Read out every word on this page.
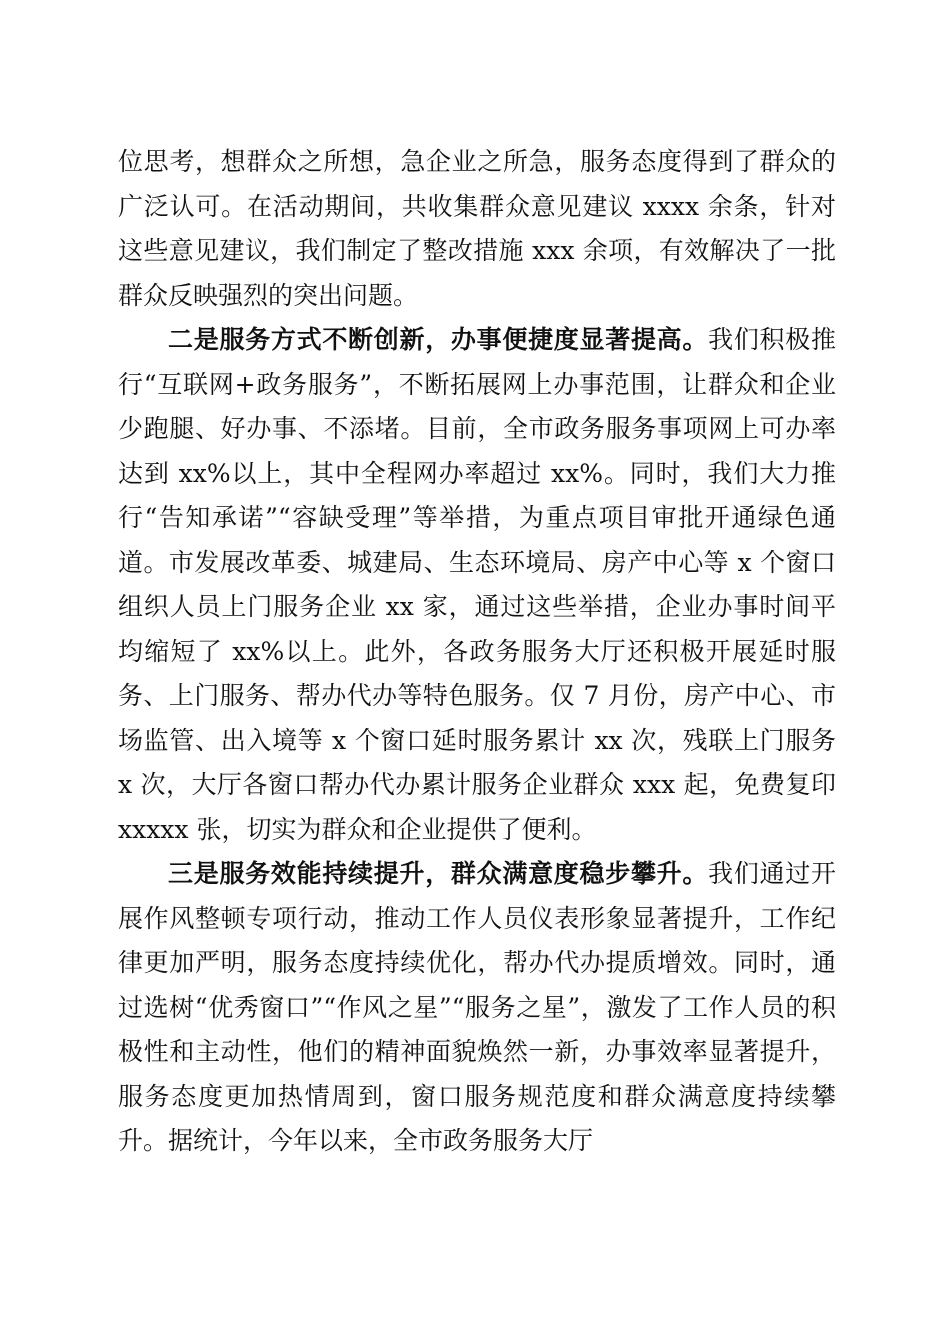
位思考，想群众之所想，急企业之所急，服务态度得到了群众的广泛认可。在活动期间，共收集群众意见建议 xxxx 余条，针对这些意见建议，我们制定了整改措施 xxx 余项，有效解决了一批群众反映强烈的突出问题。

二是服务方式不断创新，办事便捷度显著提高。我们积极推行“互联网+政务服务”，不断拓展网上办事范围，让群众和企业少跑腿、好办事、不添堵。目前，全市政务服务事项网上可办率达到 xx%以上，其中全程网办率超过 xx%。同时，我们大力推行“告知承诺”“容缺受理”等举措，为重点项目审批开通绿色通道。市发展改革委、城建局、生态环境局、房产中心等 x 个窗口组织人员上门服务企业 xx 家，通过这些举措，企业办事时间平均缩短了 xx%以上。此外，各政务服务大厅还积极开展延时服务、上门服务、帮办代办等特色服务。仅 7 月份，房产中心、市场监管、出入境等 x 个窗口延时服务累计 xx 次，残联上门服务 x 次，大厅各窗口帮办代办累计服务企业群众 xxx 起，免费复印 xxxxx 张，切实为群众和企业提供了便利。

三是服务效能持续提升，群众满意度稳步攀升。我们通过开展作风整顿专项行动，推动工作人员仪表形象显著提升，工作纪律更加严明，服务态度持续优化，帮办代办提质增效。同时，通过选树“优秀窗口”“作风之星”“服务之星”，激发了工作人员的积极性和主动性，他们的精神面貌焕然一新，办事效率显著提升，服务态度更加热情周到，窗口服务规范度和群众满意度持续攀升。据统计，今年以来，全市政务服务大厅
